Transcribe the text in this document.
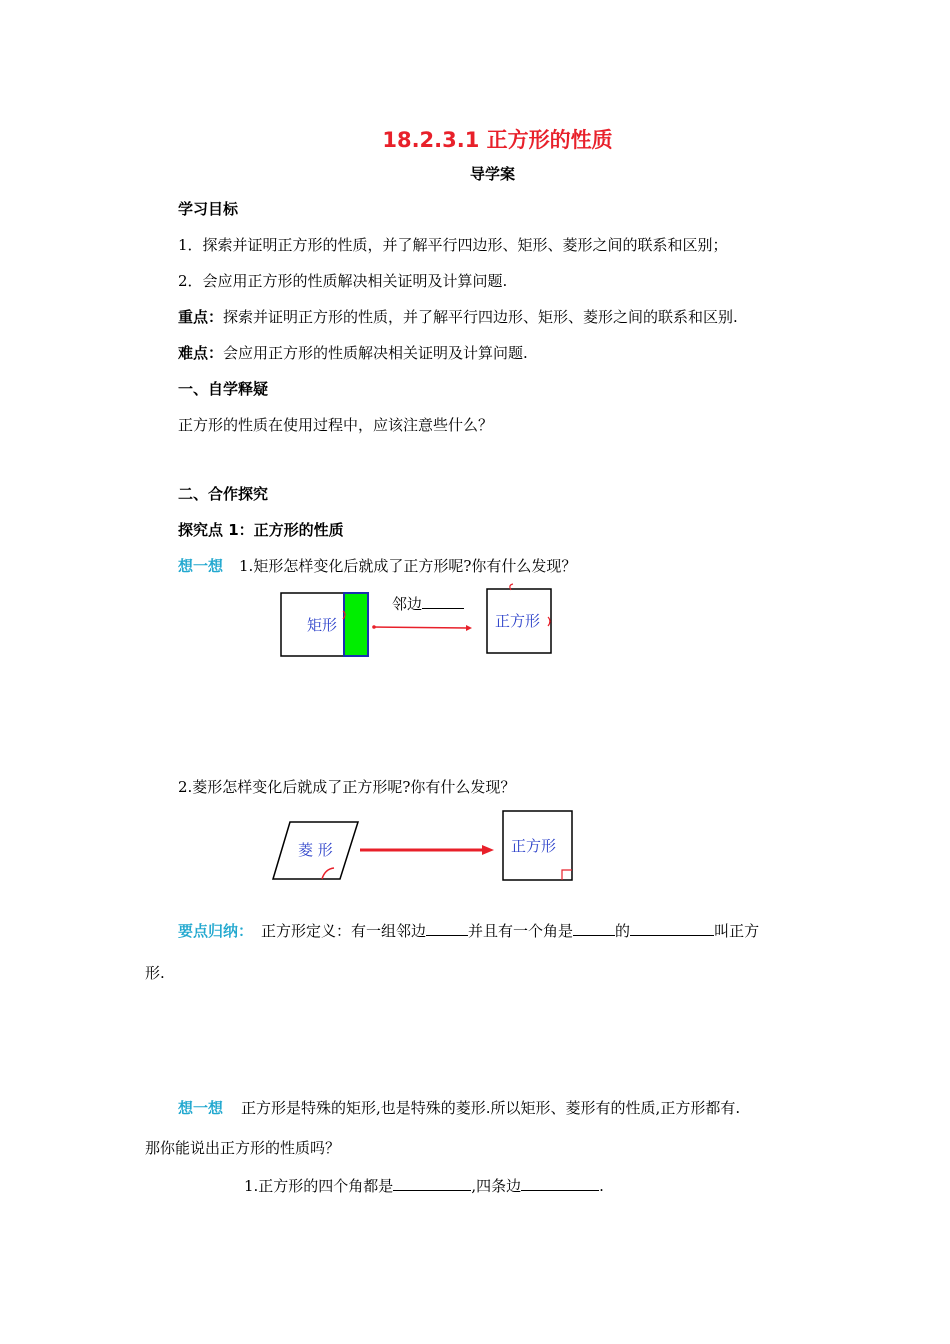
18.2.3.1 正方形的性质
导学案
学习目标
1．探索并证明正方形的性质，并了解平行四边形、矩形、菱形之间的联系和区别；
2．会应用正方形的性质解决相关证明及计算问题.
重点：探索并证明正方形的性质，并了解平行四边形、矩形、菱形之间的联系和区别.
难点：会应用正方形的性质解决相关证明及计算问题.
一、自学释疑
正方形的性质在使用过程中，应该注意些什么？
二、合作探究
探究点 1：正方形的性质
想一想 1.矩形怎样变化后就成了正方形呢?你有什么发现？
矩形	正方形
邻边
2.菱形怎样变化后就成了正方形呢?你有什么发现？
菱 形	正方形
要点归纳： 正方形定义：有一组邻边	并且有一个角是	的	叫正方
形.
想一想 正方形是特殊的矩形,也是特殊的菱形.所以矩形、菱形有的性质,正方形都有.
那你能说出正方形的性质吗？
1.正方形的四个角都是	,四条边	.
